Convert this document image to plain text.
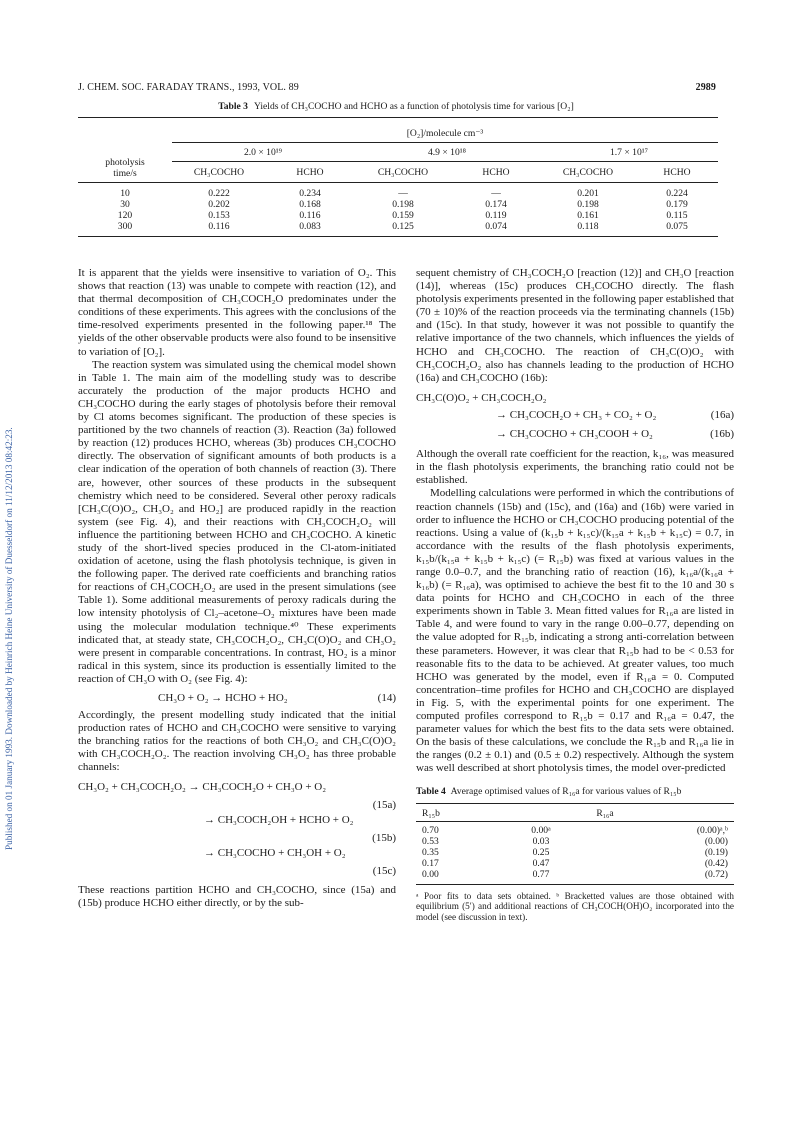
Published on 01 January 1993. Downloaded by Heinrich Heine University of Duesseldorf on 11/12/2013 08:42:23.
J. CHEM. SOC. FARADAY TRANS., 1993, VOL. 89	2989
Table 3 Yields of CH₃COCHO and HCHO as a function of photolysis time for various [O₂]

photolysis
time/s	[O₂]/molecule cm⁻³					
	2.0 × 10¹⁹		4.9 × 10¹⁸		1.7 × 10¹⁷	
	CH₃COCHO	HCHO	CH₃COCHO	HCHO	CH₃COCHO	HCHO

10	0.222	0.234	—	—	0.201	0.224
30	0.202	0.168	0.198	0.174	0.198	0.179
120	0.153	0.116	0.159	0.119	0.161	0.115
300	0.116	0.083	0.125	0.074	0.118	0.075

It is apparent that the yields were insensitive to variation of O₂. This shows that reaction (13) was unable to compete with reaction (12), and that thermal decomposition of CH₃COCH₂O predominates under the conditions of these experiments. This agrees with the conclusions of the time-resolved experiments presented in the following paper.¹⁸ The yields of the other observable products were also found to be insensitive to variation of [O₂].

The reaction system was simulated using the chemical model shown in Table 1. The main aim of the modelling study was to describe accurately the production of the major products HCHO and CH₃COCHO during the early stages of photolysis before their removal by Cl atoms becomes significant. The production of these species is partitioned by the two channels of reaction (3). Reaction (3a) followed by reaction (12) produces HCHO, whereas (3b) produces CH₃COCHO directly. The observation of significant amounts of both products is a clear indication of the operation of both channels of reaction (3). There are, however, other sources of these products in the subsequent chemistry which need to be considered. Several other peroxy radicals [CH₃C(O)O₂, CH₃O₂ and HO₂] are produced rapidly in the reaction system (see Fig. 4), and their reactions with CH₃COCH₂O₂ will influence the partitioning between HCHO and CH₃COCHO. A kinetic study of the short-lived species produced in the Cl-atom-initiated oxidation of acetone, using the flash photolysis technique, is given in the following paper. The derived rate coefficients and branching ratios for reactions of CH₃COCH₂O₂ are used in the present simulations (see Table 1). Some additional measurements of peroxy radicals during the low intensity photolysis of Cl₂–acetone–O₂ mixtures have been made using the molecular modulation technique.⁴⁰ These experiments indicated that, at steady state, CH₃COCH₂O₂, CH₃C(O)O₂ and CH₃O₂ were present in comparable concentrations. In contrast, HO₂ is a minor radical in this system, since its production is essentially limited to the reaction of CH₃O with O₂ (see Fig. 4):

CH₃O + O₂ → HCHO + HO₂	(14)

Accordingly, the present modelling study indicated that the initial production rates of HCHO and CH₃COCHO were sensitive to varying the branching ratios for the reactions of both CH₃O₂ and CH₃C(O)O₂ with CH₃COCH₂O₂. The reaction involving CH₃O₂ has three probable channels:

CH₃O₂ + CH₃COCH₂O₂ → CH₃COCH₂O + CH₃O + O₂
(15a)
→ CH₃COCH₂OH + HCHO + O₂
(15b)
→ CH₃COCHO + CH₃OH + O₂
(15c)

These reactions partition HCHO and CH₃COCHO, since (15a) and (15b) produce HCHO either directly, or by the sub-

sequent chemistry of CH₃COCH₂O [reaction (12)] and CH₃O [reaction (14)], whereas (15c) produces CH₃COCHO directly. The flash photolysis experiments presented in the following paper established that (70 ± 10)% of the reaction proceeds via the terminating channels (15b) and (15c). In that study, however it was not possible to quantify the relative importance of the two channels, which influences the yields of HCHO and CH₃COCHO. The reaction of CH₃C(O)O₂ with CH₃COCH₂O₂ also has channels leading to the production of HCHO (16a) and CH₃COCHO (16b):

CH₃C(O)O₂ + CH₃COCH₂O₂
→ CH₃COCH₂O + CH₃ + CO₂ + O₂	(16a)
→ CH₃COCHO + CH₃COOH + O₂	(16b)

Although the overall rate coefficient for the reaction, k₁₆, was measured in the flash photolysis experiments, the branching ratio could not be established.

Modelling calculations were performed in which the contributions of reaction channels (15b) and (15c), and (16a) and (16b) were varied in order to influence the HCHO or CH₃COCHO producing potential of the reactions. Using a value of (k₁₅b + k₁₅c)/(k₁₅a + k₁₅b + k₁₅c) = 0.7, in accordance with the results of the flash photolysis experiments, k₁₅b/(k₁₅a + k₁₅b + k₁₅c) (= R₁₅b) was fixed at various values in the range 0.0–0.7, and the branching ratio of reaction (16), k₁₆a/(k₁₆a + k₁₆b) (= R₁₆a), was optimised to achieve the best fit to the 10 and 30 s data points for HCHO and CH₃COCHO in each of the three experiments shown in Table 3. Mean fitted values for R₁₆a are listed in Table 4, and were found to vary in the range 0.00–0.77, depending on the value adopted for R₁₅b, indicating a strong anti-correlation between these parameters. However, it was clear that R₁₅b had to be < 0.53 for reasonable fits to the data to be achieved. At greater values, too much HCHO was generated by the model, even if R₁₆a = 0. Computed concentration–time profiles for HCHO and CH₃COCHO are displayed in Fig. 5, with the experimental points for one experiment. The computed profiles correspond to R₁₅b = 0.17 and R₁₆a = 0.47, the parameter values for which the best fits to the data sets were obtained. On the basis of these calculations, we conclude the R₁₅b and R₁₆a lie in the ranges (0.2 ± 0.1) and (0.5 ± 0.2) respectively. Although the system was well described at short photolysis times, the model over-predicted

Table 4 Average optimised values of R₁₆a for various values of R₁₅b

R₁₅b	R₁₆a	

0.70	0.00ᵃ	(0.00)ᵃ,ᵇ
0.53	0.03	(0.00)
0.35	0.25	(0.19)
0.17	0.47	(0.42)
0.00	0.77	(0.72)

ᵃ Poor fits to data sets obtained. ᵇ Bracketted values are those obtained with equilibrium (5′) and additional reactions of CH₃COCH(OH)O₂ incorporated into the model (see discussion in text).
